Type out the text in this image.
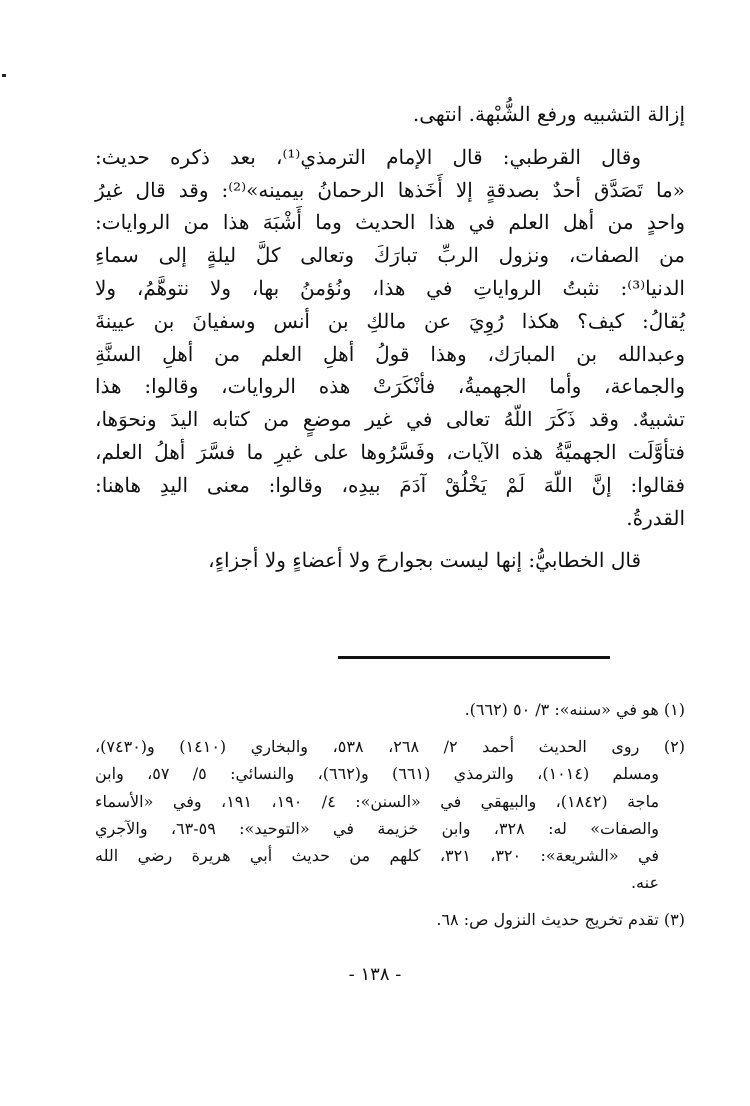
إزالة التشبيه ورفع الشُّبْهة. انتهى.
وقال القرطبي: قال الإمام الترمذي⁽¹⁾، بعد ذكره حديث:
«ما تَصَدَّق أحدٌ بصدقةٍ إلا أَخَذها الرحمانُ بيمينه»⁽²⁾: وقد قال غيرُ
واحدٍ من أهل العلم في هذا الحديث وما أَشْبَهَ هذا من الروايات:
من الصفات، ونزول الربِّ تبارَكَ وتعالى كلَّ ليلةٍ إلى سماءِ
الدنيا⁽³⁾: نثبتُ الرواياتِ في هذا، ونُؤمنُ بها، ولا نتوهَّمُ، ولا
يُقالُ: كيف؟ هكذا رُوِيَ عن مالكِ بن أنس وسفيانَ بن عيينةَ
وعبدالله بن المبارَك، وهذا قولُ أهلِ العلم من أهلِ السنَّةِ
والجماعة، وأما الجهميةُ، فأنْكَرَتْ هذه الروايات، وقالوا: هذا
تشبيهٌ. وقد ذَكَرَ اللّهُ تعالى في غير موضعٍ من كتابه اليدَ ونحوَها،
فتأوَّلَت الجهميَّةُ هذه الآيات، وفَسَّرُوها على غيرِ ما فسَّرَ أهلُ العلم،
فقالوا: إنَّ اللّهَ لَمْ يَخْلُقْ آدَمَ بيدِه، وقالوا: معنى اليدِ هاهنا:
القدرةُ.
قال الخطابيُّ: إنها ليست بجوارحَ ولا أعضاءٍ ولا أجزاءٍ،
(١) هو في «سننه»: ٣/ ٥٠ (٦٦٢).
(٢) روى الحديث أحمد ٢/ ٢٦٨، ٥٣٨، والبخاري (١٤١٠) و(٧٤٣٠)،
ومسلم (١٠١٤)، والترمذي (٦٦١) و(٦٦٢)، والنسائي: ٥/ ٥٧، وابن
ماجة (١٨٤٢)، والبيهقي في «السنن»: ٤/ ١٩٠، ١٩١، وفي «الأسماء
والصفات» له: ٣٢٨، وابن خزيمة في «التوحيد»: ٥٩-٦٣، والآجري
في «الشريعة»: ٣٢٠، ٣٢١، كلهم من حديث أبي هريرة رضي الله
عنه.
(٣) تقدم تخريج حديث النزول ص: ٦٨.
- ١٣٨ -
